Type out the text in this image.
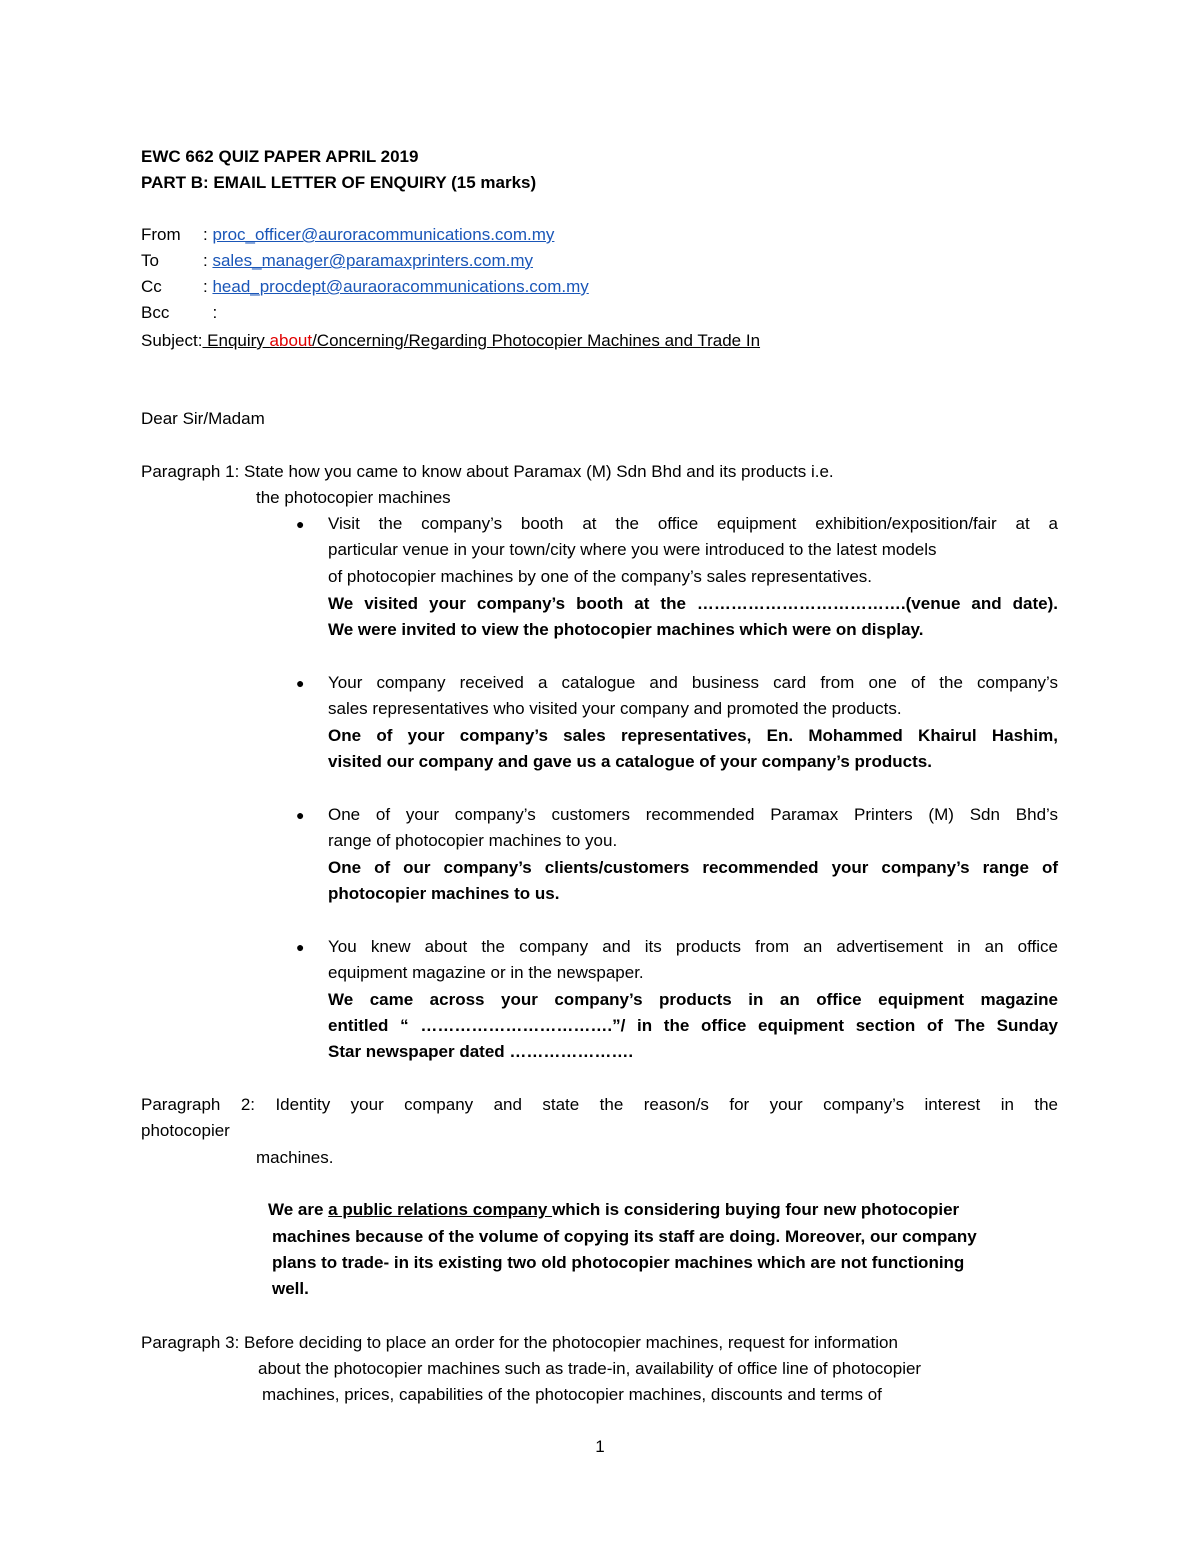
EWC 662 QUIZ PAPER APRIL 2019
PART B: EMAIL LETTER OF ENQUIRY (15 marks)
From : proc_officer@auroracommunications.com.my
To	: sales_manager@paramaxprinters.com.my
Cc : head_procdept@auraoracommunications.com.my
Bcc :
Subject: Enquiry about/Concerning/Regarding Photocopier Machines and Trade In
Dear Sir/Madam
Paragraph 1: State how you came to know about Paramax (M) Sdn Bhd and its products i.e.
the photocopier machines
● Visit the company’s booth at the office equipment exhibition/exposition/fair at a
particular venue in your town/city where you were introduced to the latest models
of photocopier machines by one of the company’s sales representatives.
We visited your company’s booth at the ……………………………….(venue and date).
We were invited to view the photocopier machines which were on display.
● Your company received a catalogue and business card from one of the company’s
sales representatives who visited your company and promoted the products.
One of your company’s sales representatives, En. Mohammed Khairul Hashim,
visited our company and gave us a catalogue of your company’s products.
● One of your company’s customers recommended Paramax Printers (M) Sdn Bhd’s
range of photocopier machines to you.
One of our company’s clients/customers recommended your company’s range of
photocopier machines to us.
● You knew about the company and its products from an advertisement in an office
equipment magazine or in the newspaper.
We came across your company’s products in an office equipment magazine
entitled “ …………………………….”/ in the office equipment section of The Sunday
Star newspaper dated ………………….
Paragraph 2: Identity your company and state the reason/s for your company’s interest in the
photocopier
machines.
We are a public relations company which is considering buying four new photocopier
machines because of the volume of copying its staff are doing. Moreover, our company
plans to trade- in its existing two old photocopier machines which are not functioning
well.
Paragraph 3: Before deciding to place an order for the photocopier machines, request for information
about the photocopier machines such as trade-in, availability of office line of photocopier
machines, prices, capabilities of the photocopier machines, discounts and terms of
1
